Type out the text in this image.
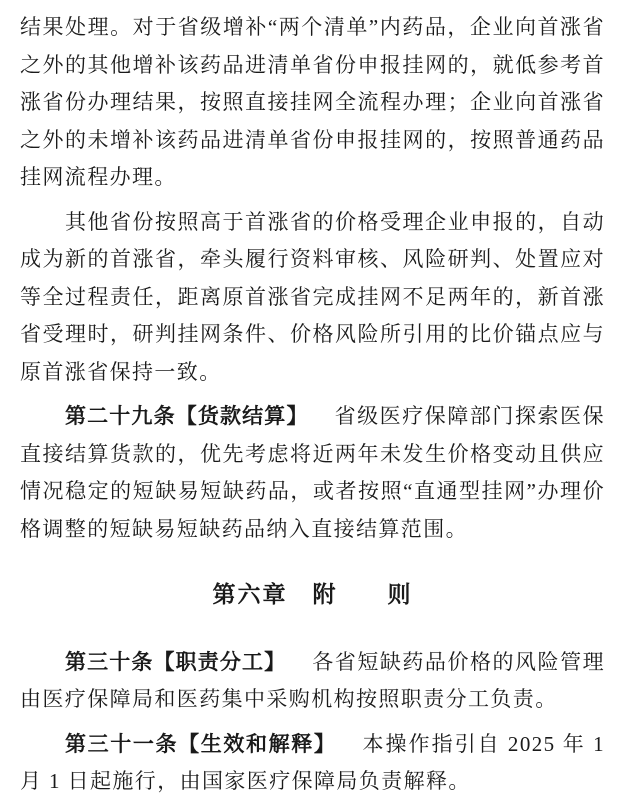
结果处理。对于省级增补“两个清单”内药品，企业向首涨省之外的其他增补该药品进清单省份申报挂网的，就低参考首涨省份办理结果，按照直接挂网全流程办理；企业向首涨省之外的未增补该药品进清单省份申报挂网的，按照普通药品挂网流程办理。

其他省份按照高于首涨省的价格受理企业申报的，自动成为新的首涨省，牵头履行资料审核、风险研判、处置应对等全过程责任，距离原首涨省完成挂网不足两年的，新首涨省受理时，研判挂网条件、价格风险所引用的比价锚点应与原首涨省保持一致。

第二十九条【货款结算】 省级医疗保障部门探索医保直接结算货款的，优先考虑将近两年未发生价格变动且供应情况稳定的短缺易短缺药品，或者按照“直通型挂网”办理价格调整的短缺易短缺药品纳入直接结算范围。

第六章　附　　则

第三十条【职责分工】 各省短缺药品价格的风险管理由医疗保障局和医药集中采购机构按照职责分工负责。

第三十一条【生效和解释】 本操作指引自 2025 年 1 月 1 日起施行，由国家医疗保障局负责解释。
